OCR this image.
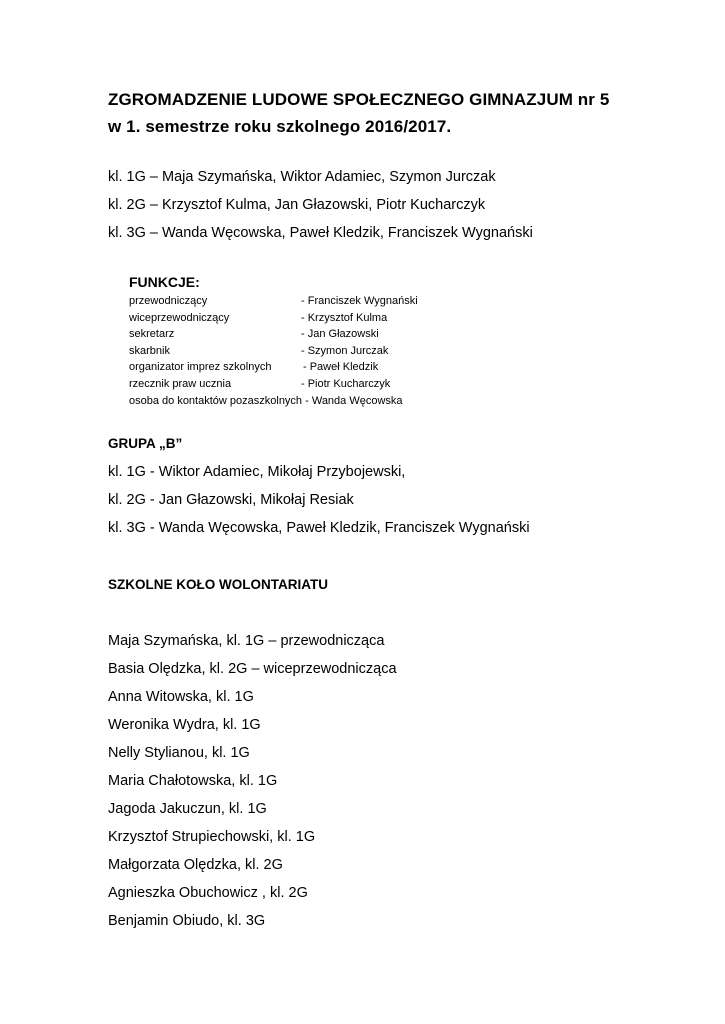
ZGROMADZENIE LUDOWE SPOŁECZNEGO GIMNAZJUM nr 5
w 1. semestrze roku szkolnego 2016/2017.
kl. 1G – Maja Szymańska, Wiktor Adamiec, Szymon Jurczak
kl. 2G – Krzysztof Kulma, Jan Głazowski, Piotr Kucharczyk
kl. 3G – Wanda Węcowska, Paweł Kledzik, Franciszek Wygnański
FUNKCJE:
przewodniczący	- Franciszek Wygnański
wiceprzewodniczący	- Krzysztof Kulma
sekretarz	- Jan Głazowski
skarbnik	- Szymon Jurczak
organizator imprez szkolnych	- Paweł Kledzik
rzecznik praw ucznia	- Piotr Kucharczyk
osoba do kontaktów pozaszkolnych - Wanda Węcowska
GRUPA „B”
kl. 1G - Wiktor Adamiec, Mikołaj Przybojewski,
kl. 2G - Jan Głazowski, Mikołaj Resiak
kl. 3G - Wanda Węcowska, Paweł Kledzik, Franciszek Wygnański
SZKOLNE KOŁO WOLONTARIATU
Maja Szymańska, kl. 1G – przewodnicząca
Basia Olędzka, kl. 2G – wiceprzewodnicząca
Anna Witowska, kl. 1G
Weronika Wydra, kl. 1G
Nelly Stylianou, kl. 1G
Maria Chałotowska, kl. 1G
Jagoda Jakuczun, kl. 1G
Krzysztof Strupiechowski, kl. 1G
Małgorzata Olędzka, kl. 2G
Agnieszka Obuchowicz , kl. 2G
Benjamin Obiudo, kl. 3G
